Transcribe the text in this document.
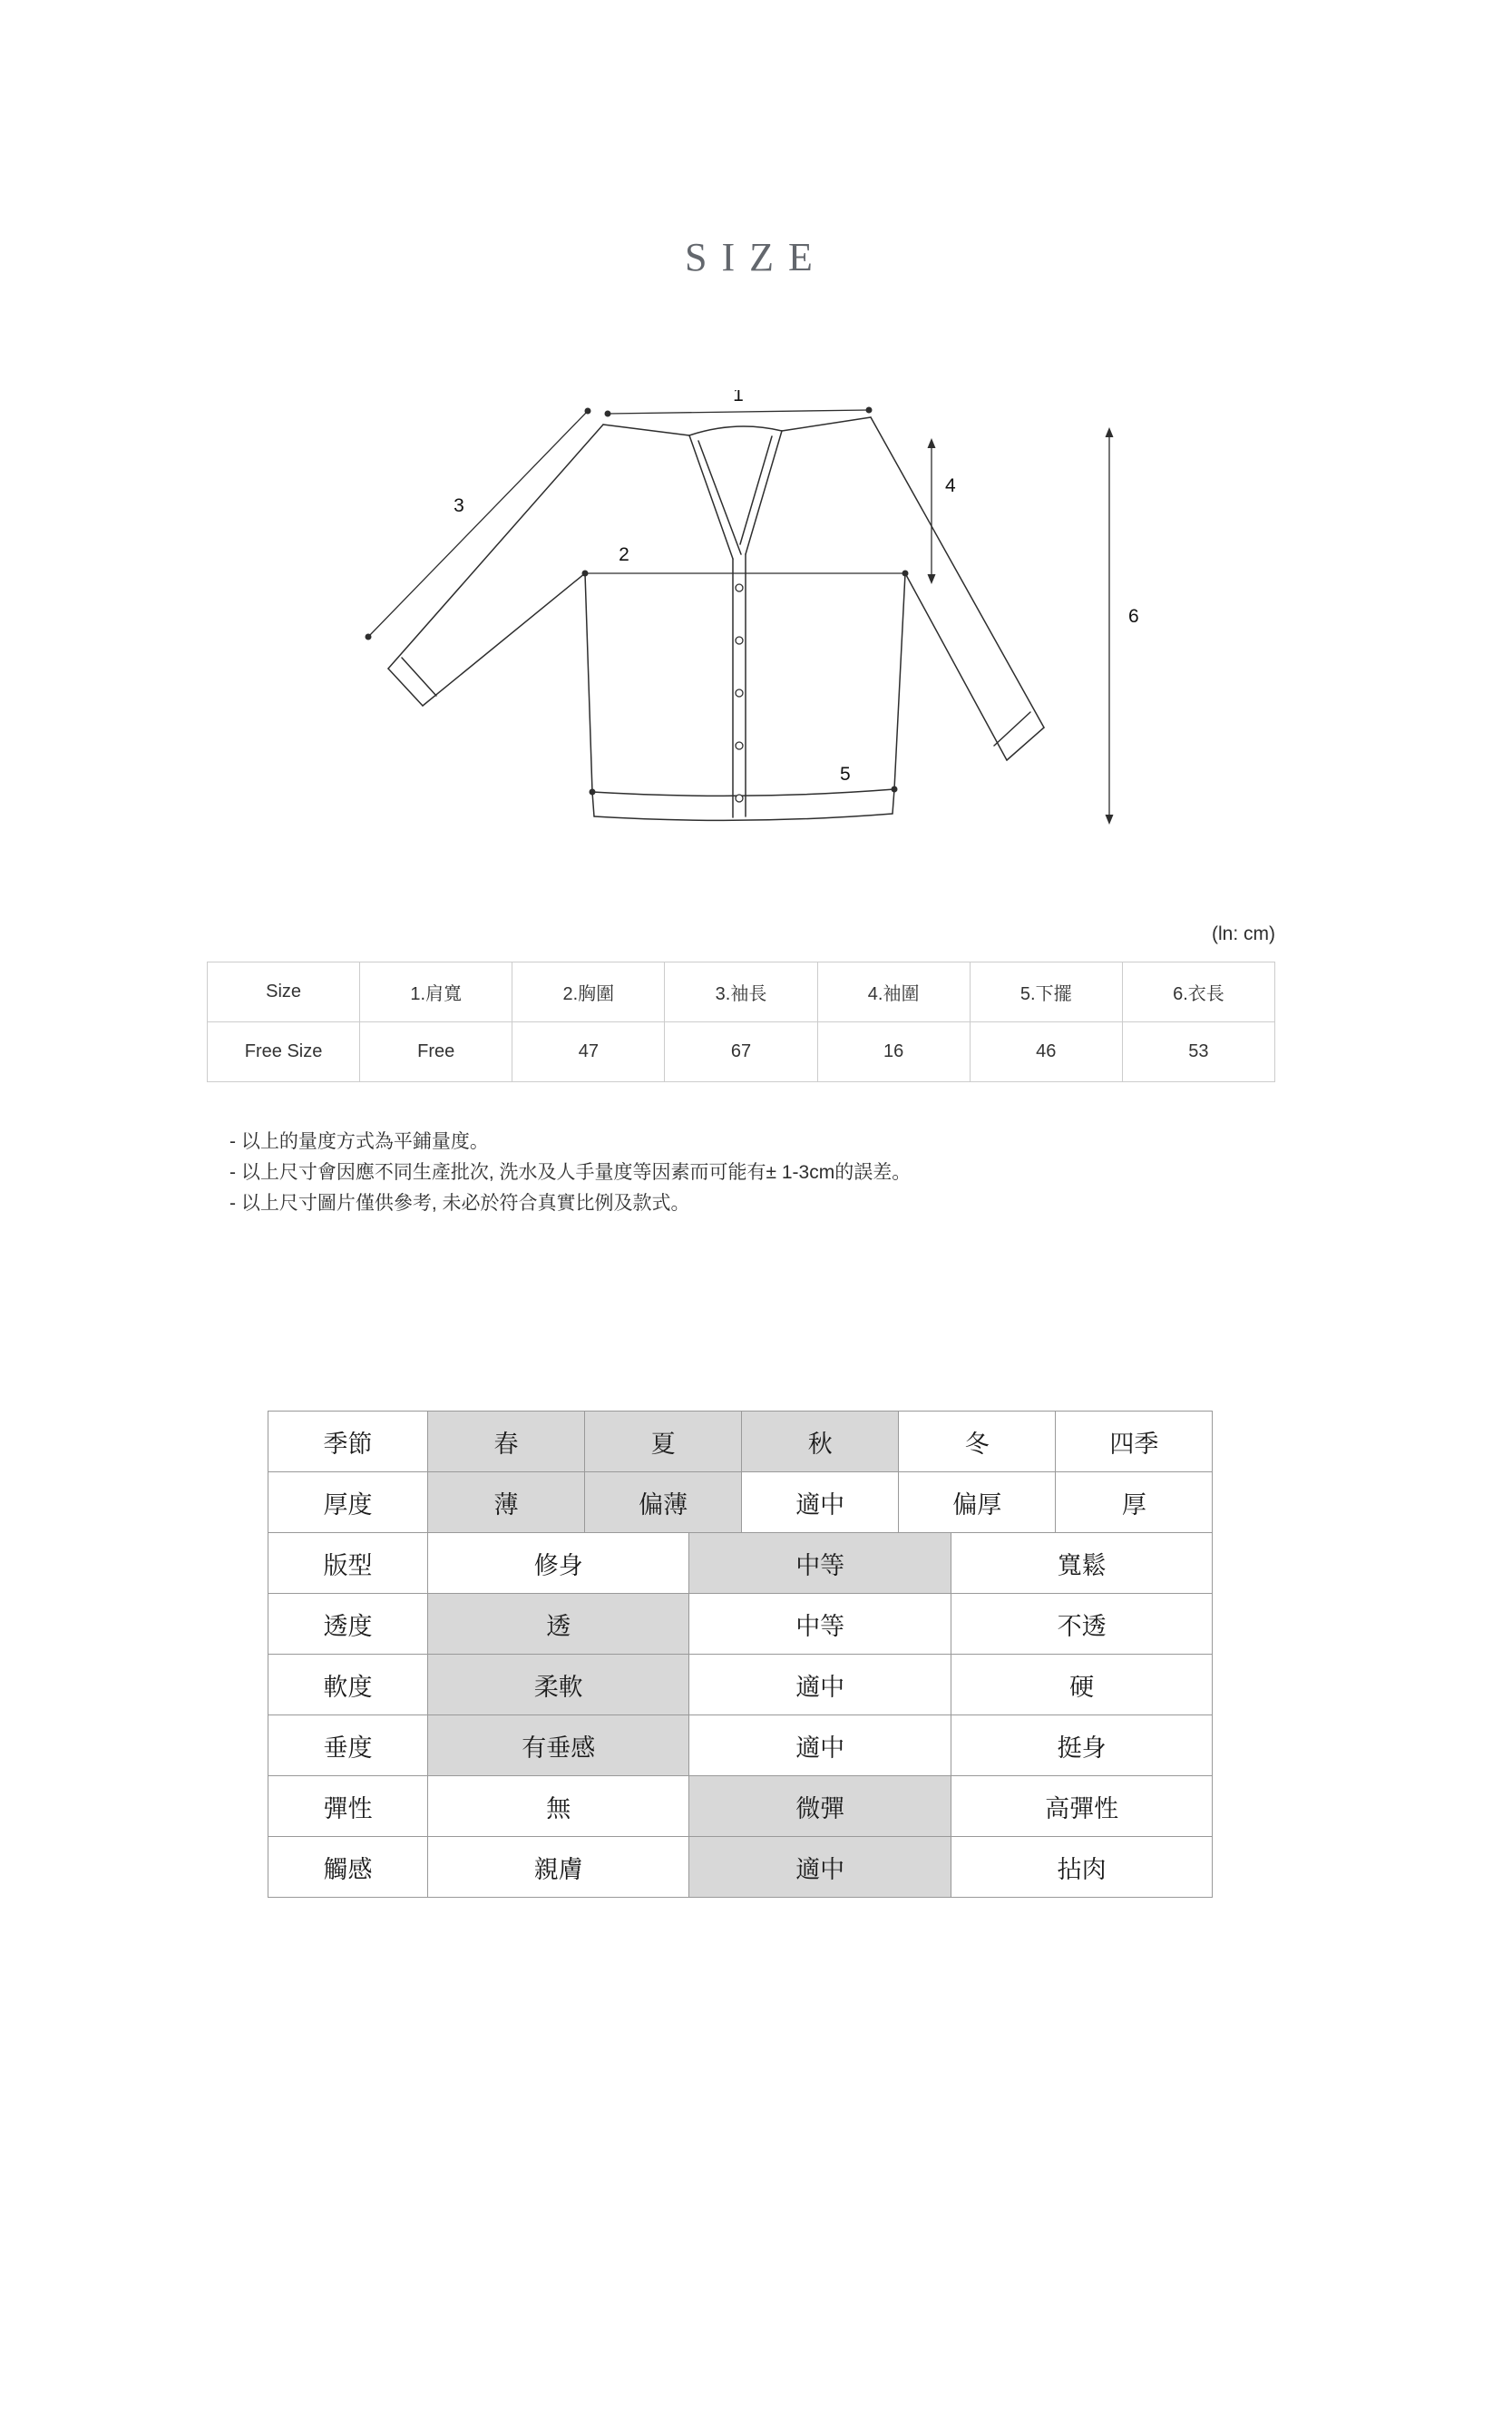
SIZE
1
2
3
4
5
6
(ln: cm)
Size	1.肩寬	2.胸圍	3.袖長	4.袖圍	5.下擺	6.衣長
Free Size	Free	47	67	16	46	53
- 以上的量度方式為平鋪量度。
- 以上尺寸會因應不同生產批次, 洗水及人手量度等因素而可能有± 1-3cm的誤差。
- 以上尺寸圖片僅供參考, 未必於符合真實比例及款式。
季節	春	夏		秋	冬		四季
厚度	薄	偏薄		適中	偏厚		厚
版型	修身		中等			寬鬆	
透度	透		中等			不透	
軟度	柔軟		適中			硬	
垂度	有垂感		適中			挺身	
彈性	無		微彈			高彈性	
觸感	親膚		適中			拈肉	
